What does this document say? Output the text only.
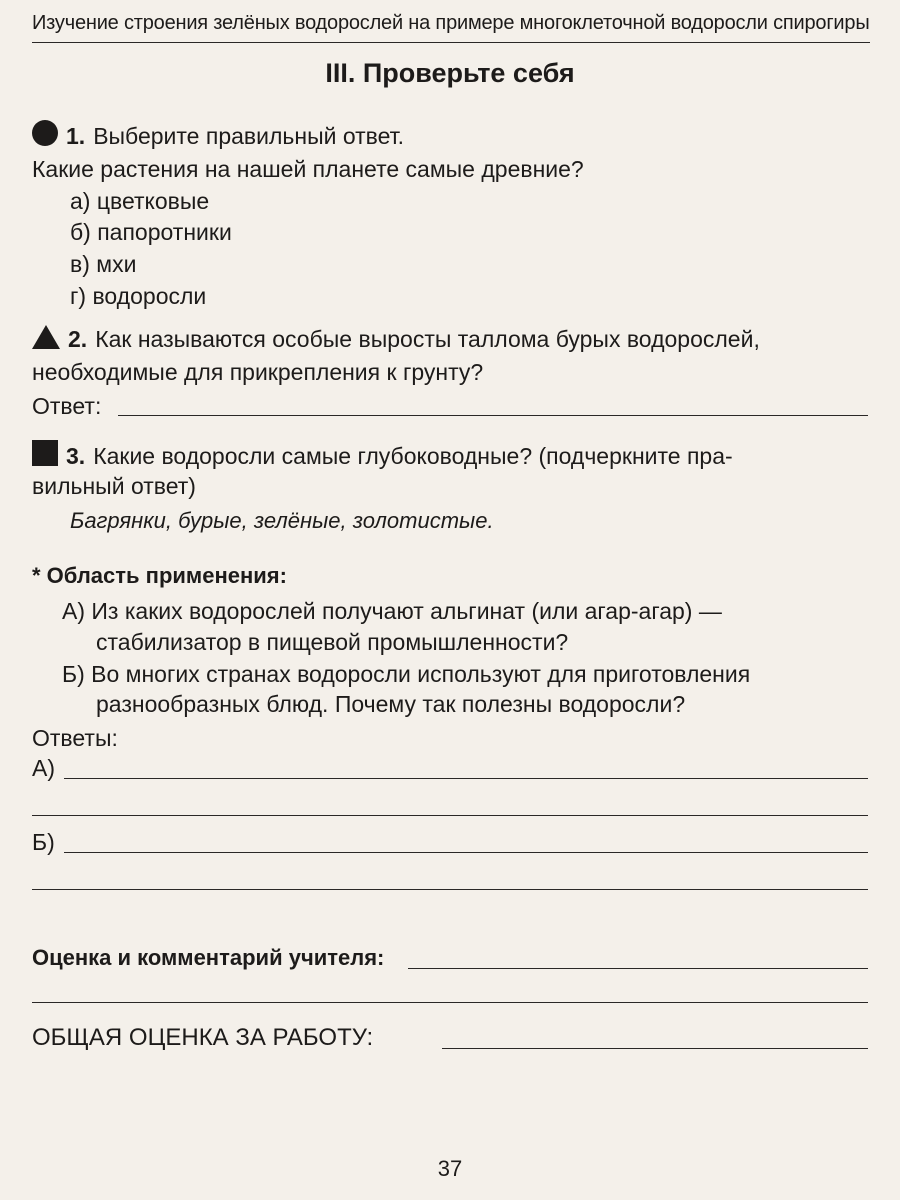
Изучение строения зелёных водорослей на примере многоклеточной водоросли спирогиры
III. Проверьте себя
1. Выберите правильный ответ.
Какие растения на нашей планете самые древние?
а) цветковые
б) папоротники
в) мхи
г) водоросли
2. Как называются особые выросты таллома бурых водорослей,
необходимые для прикрепления к грунту?
Ответ:
3. Какие водоросли самые глубоководные? (подчеркните пра-
вильный ответ)
Багрянки, бурые, зелёные, золотистые.
* Область применения:
А) Из каких водорослей получают альгинат (или агар-агар) —
стабилизатор в пищевой промышленности?
Б) Во многих странах водоросли используют для приготовления
разнообразных блюд. Почему так полезны водоросли?
Ответы:
А)
Б)
Оценка и комментарий учителя:
ОБЩАЯ ОЦЕНКА ЗА РАБОТУ:
37
